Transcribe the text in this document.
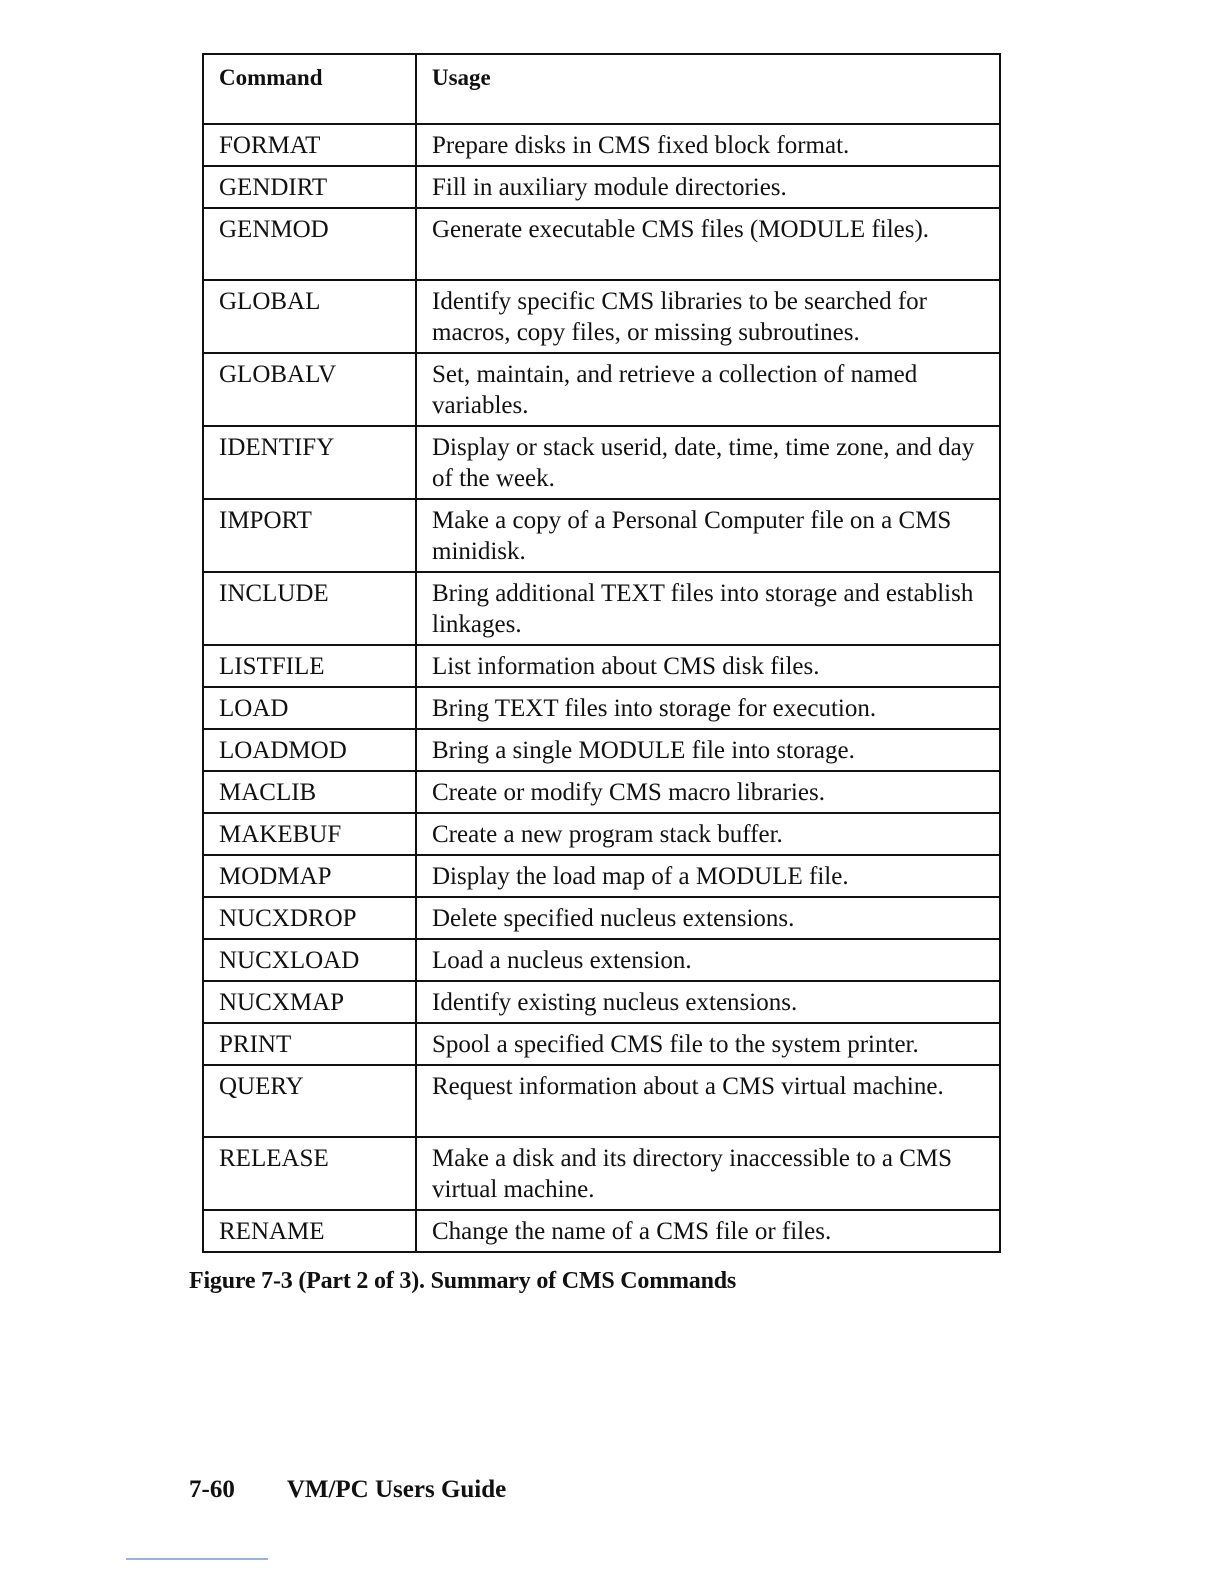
Command	Usage
FORMAT	Prepare disks in CMS fixed block format.
GENDIRT	Fill in auxiliary module directories.
GENMOD	Generate executable CMS files (MODULE files).
GLOBAL	Identify specific CMS libraries to be searched for macros, copy files, or missing subroutines.
GLOBALV	Set, maintain, and retrieve a collection of named variables.
IDENTIFY	Display or stack userid, date, time, time zone, and day of the week.
IMPORT	Make a copy of a Personal Computer file on a CMS minidisk.
INCLUDE	Bring additional TEXT files into storage and establish linkages.
LISTFILE	List information about CMS disk files.
LOAD	Bring TEXT files into storage for execution.
LOADMOD	Bring a single MODULE file into storage.
MACLIB	Create or modify CMS macro libraries.
MAKEBUF	Create a new program stack buffer.
MODMAP	Display the load map of a MODULE file.
NUCXDROP	Delete specified nucleus extensions.
NUCXLOAD	Load a nucleus extension.
NUCXMAP	Identify existing nucleus extensions.
PRINT	Spool a specified CMS file to the system printer.
QUERY	Request information about a CMS virtual machine.
RELEASE	Make a disk and its directory inaccessible to a CMS virtual machine.
RENAME	Change the name of a CMS file or files.
Figure 7-3 (Part 2 of 3). Summary of CMS Commands
7-60 VM/PC Users Guide
